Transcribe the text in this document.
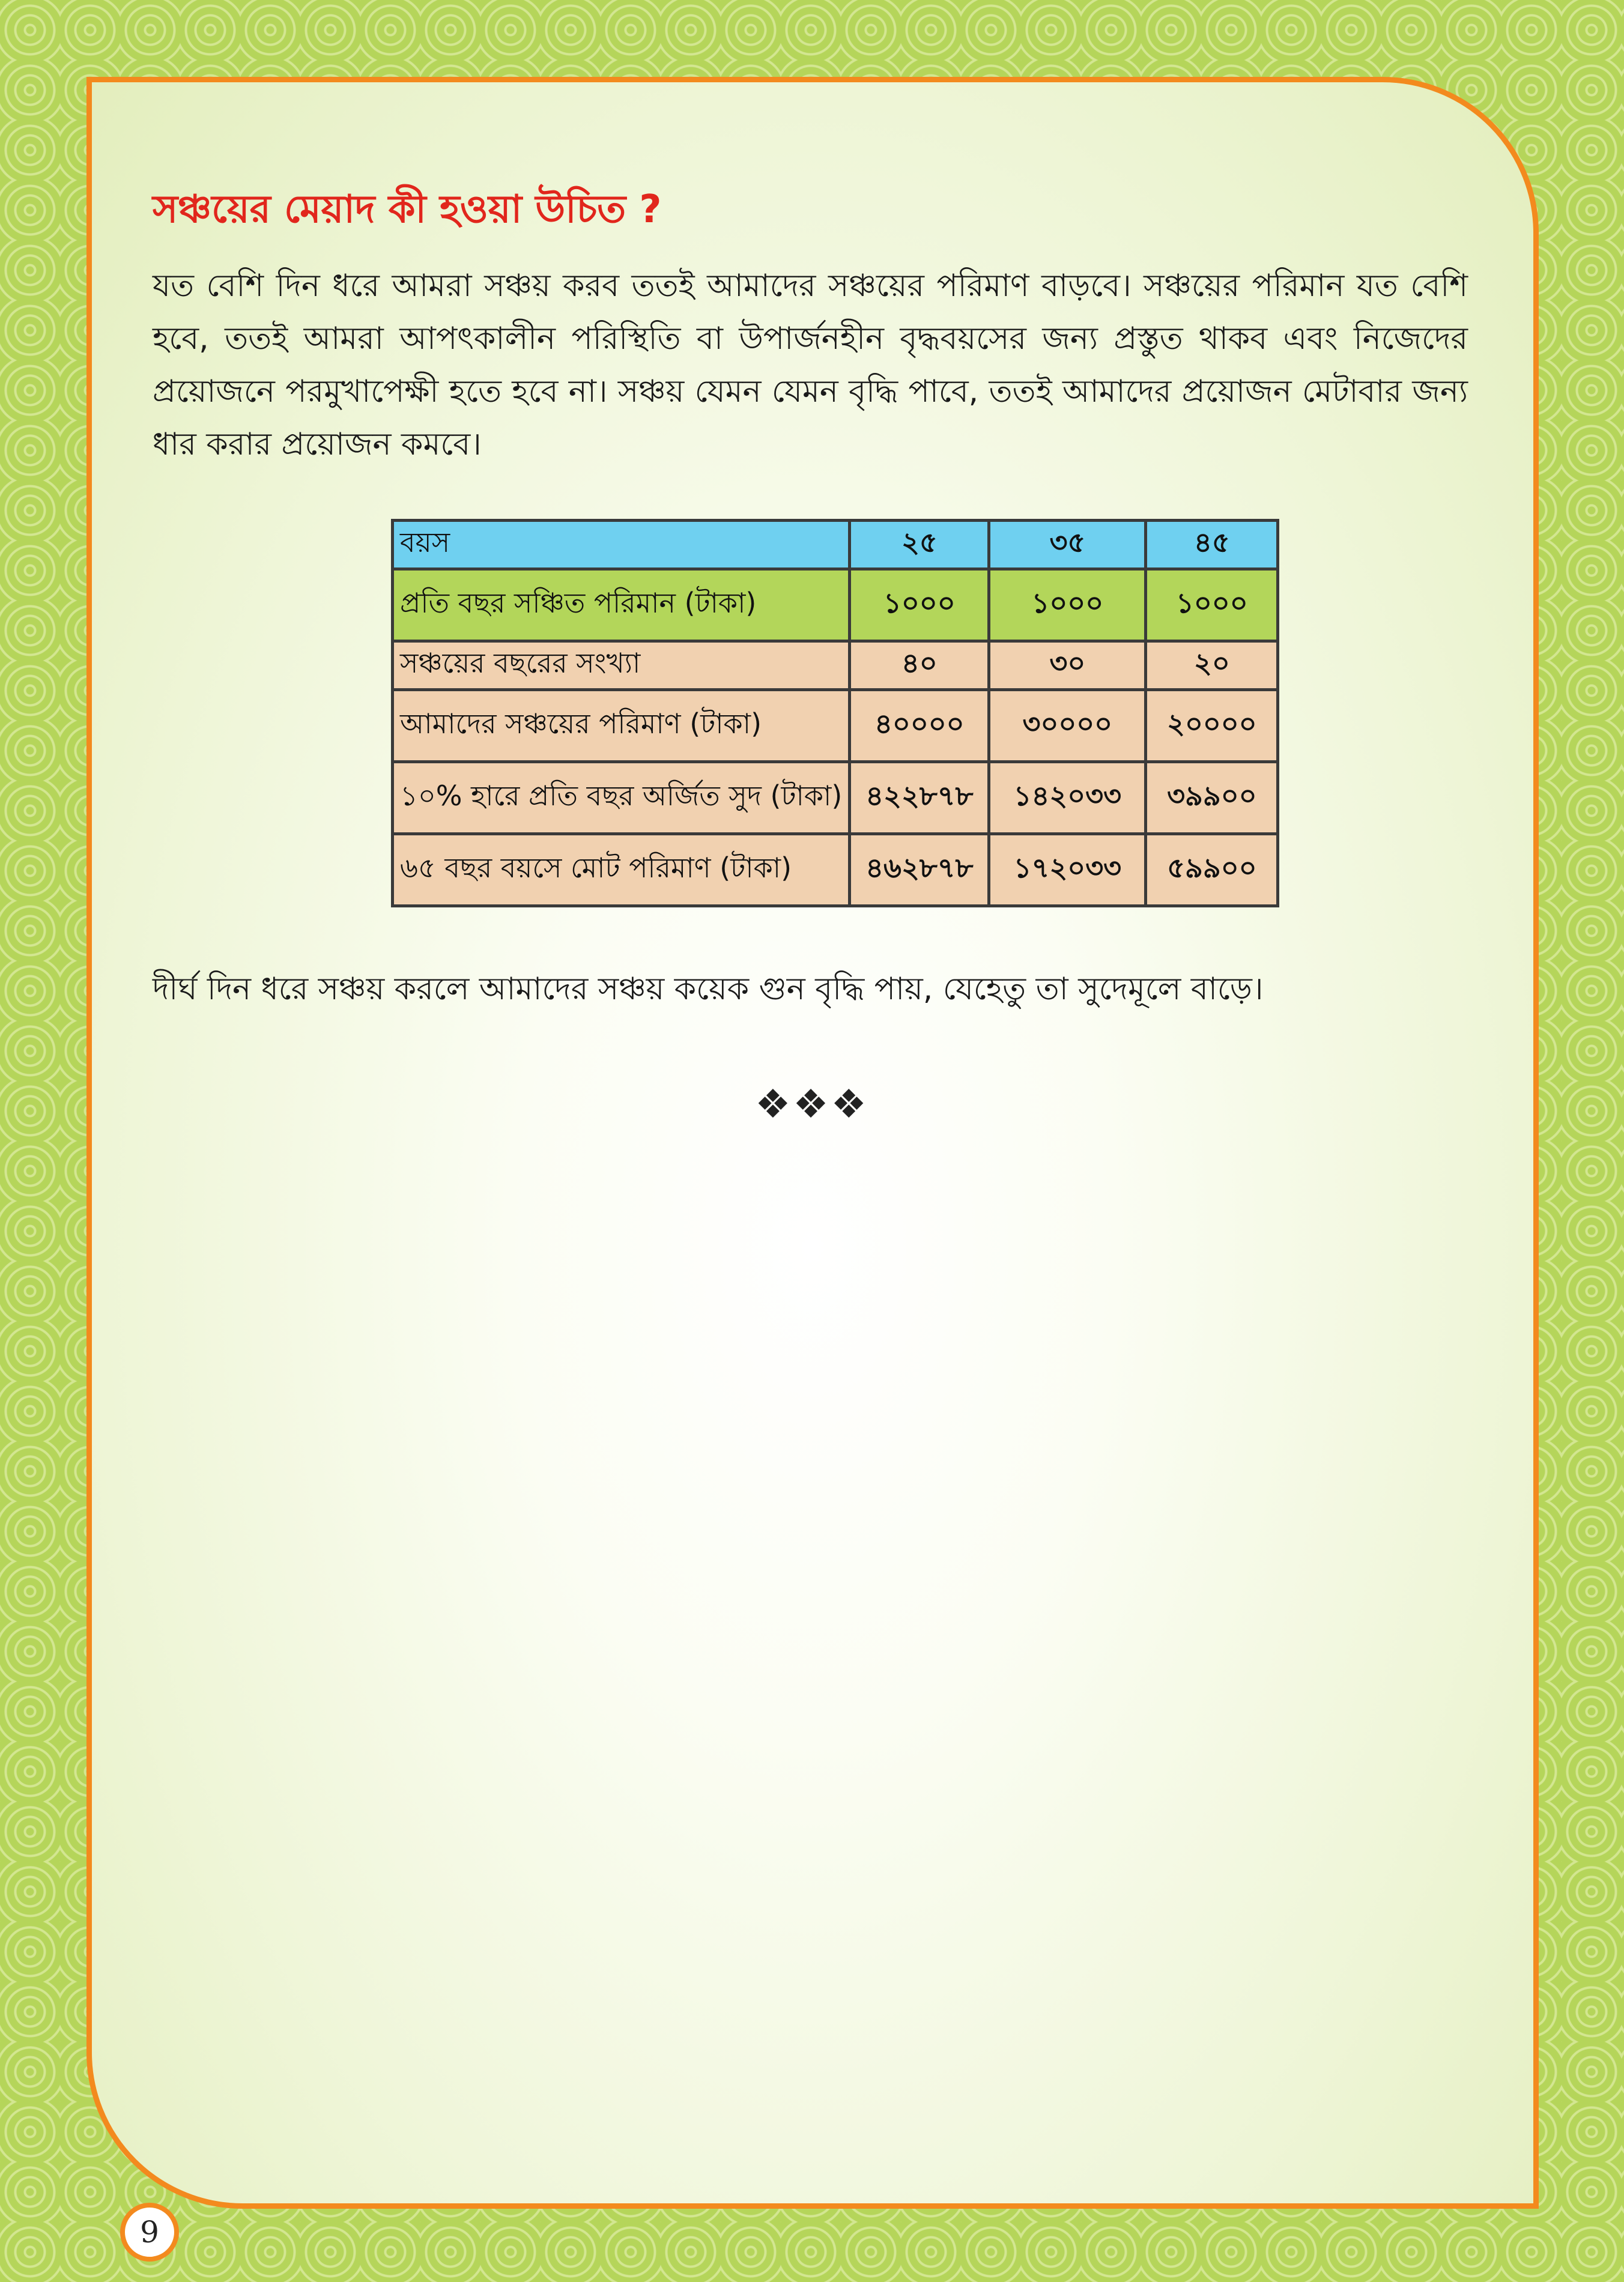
সঞ্চয়ের মেয়াদ কী হওয়া উচিত ?

যত বেশি দিন ধরে আমরা সঞ্চয় করব ততই আমাদের সঞ্চয়ের পরিমাণ বাড়বে। সঞ্চয়ের পরিমান যত বেশি হবে, ততই আমরা আপৎকালীন পরিস্থিতি বা উপার্জনহীন বৃদ্ধবয়সের জন্য প্রস্তুত থাকব এবং নিজেদের প্রয়োজনে পরমুখাপেক্ষী হতে হবে না। সঞ্চয় যেমন যেমন বৃদ্ধি পাবে, ততই আমাদের প্রয়োজন মেটাবার জন্য ধার করার প্রয়োজন কমবে।

বয়স	২৫	৩৫	৪৫
প্রতি বছর সঞ্চিত পরিমান (টাকা)	১০০০	১০০০	১০০০
সঞ্চয়ের বছরের সংখ্যা	৪০	৩০	২০
আমাদের সঞ্চয়ের পরিমাণ (টাকা)	৪০০০০	৩০০০০	২০০০০
১০% হারে প্রতি বছর অর্জিত সুদ (টাকা)	৪২২৮৭৮	১৪২০৩৩	৩৯৯০০
৬৫ বছর বয়সে মোট পরিমাণ (টাকা)	৪৬২৮৭৮	১৭২০৩৩	৫৯৯০০

দীর্ঘ দিন ধরে সঞ্চয় করলে আমাদের সঞ্চয় কয়েক গুন বৃদ্ধি পায়, যেহেতু তা সুদেমূলে বাড়ে।

❖❖❖
9
